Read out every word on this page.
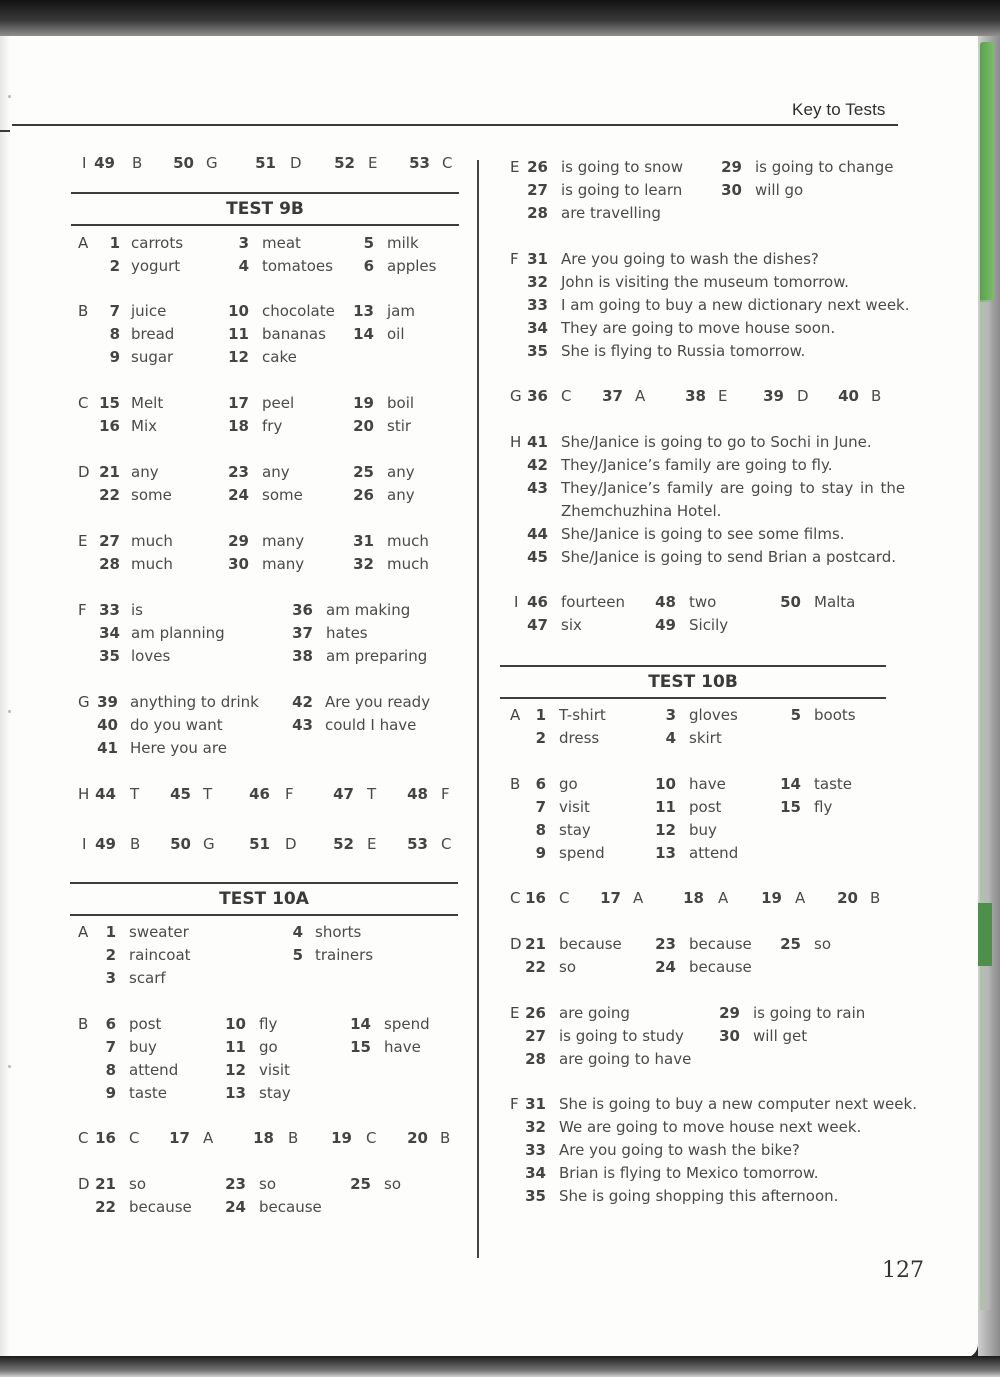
Key to Tests
I 49 B	50 G	51 D	52 E	53 C
TEST 9B
A	1 carrots	3 meat	5 milk
2 yogurt	4 tomatoes	6 apples
B	7 juice	10 chocolate	13 jam
8 bread	11 bananas	14 oil
9 sugar	12 cake
C 15 Melt	17 peel	19 boil
16 Mix	18 fry	20 stir
D 21 any	23 any	25 any
22 some	24 some	26 any
E 27 much	29 many	31 much
28 much	30 many	32 much
F 33 is	36 am making
34 am planning	37 hates
35 loves	38 am preparing
G 39 anything to drink	42 Are you ready
40 do you want	43 could I have
41 Here you are
H 44 T	45 T	46 F	47 T	48 F
I 49 B	50 G	51 D	52 E	53 C
TEST 10A
A	1 sweater	4 shorts
2 raincoat	5 trainers
3 scarf
B	6 post	10 fly	14 spend
7 buy	11 go	15 have
8 attend	12 visit
9 taste	13 stay
C 16 C	17 A	18 B	19 C	20 B
D 21 so	23 so	25 so
22 because	24 because
E 26 is going to snow	29 is going to change
27 is going to learn	30 will go
28 are travelling
F 31 Are you going to wash the dishes?
32 John is visiting the museum tomorrow.
33 I am going to buy a new dictionary next week.
34 They are going to move house soon.
35 She is flying to Russia tomorrow.
G 36 C	37 A	38 E	39 D	40 B
H 41 She/Janice is going to go to Sochi in June.
42 They/Janice’s family are going to fly.
43 They/Janice’s family are going to stay in the
Zhemchuzhina Hotel.
44 She/Janice is going to see some films.
45 She/Janice is going to send Brian a postcard.
I 46 fourteen	48 two	50 Malta
47 six	49 Sicily
TEST 10B
A	1 T-shirt	3 gloves	5 boots
2 dress	4 skirt
B	6 go	10 have	14 taste
7 visit	11 post	15 fly
8 stay	12 buy
9 spend	13 attend
C 16 C	17 A	18 A	19 A	20 B
D 21 because	23 because	25 so
22 so	24 because
E 26 are going	29 is going to rain
27 is going to study	30 will get
28 are going to have
F 31 She is going to buy a new computer next week.
32 We are going to move house next week.
33 Are you going to wash the bike?
34 Brian is flying to Mexico tomorrow.
35 She is going shopping this afternoon.
127
